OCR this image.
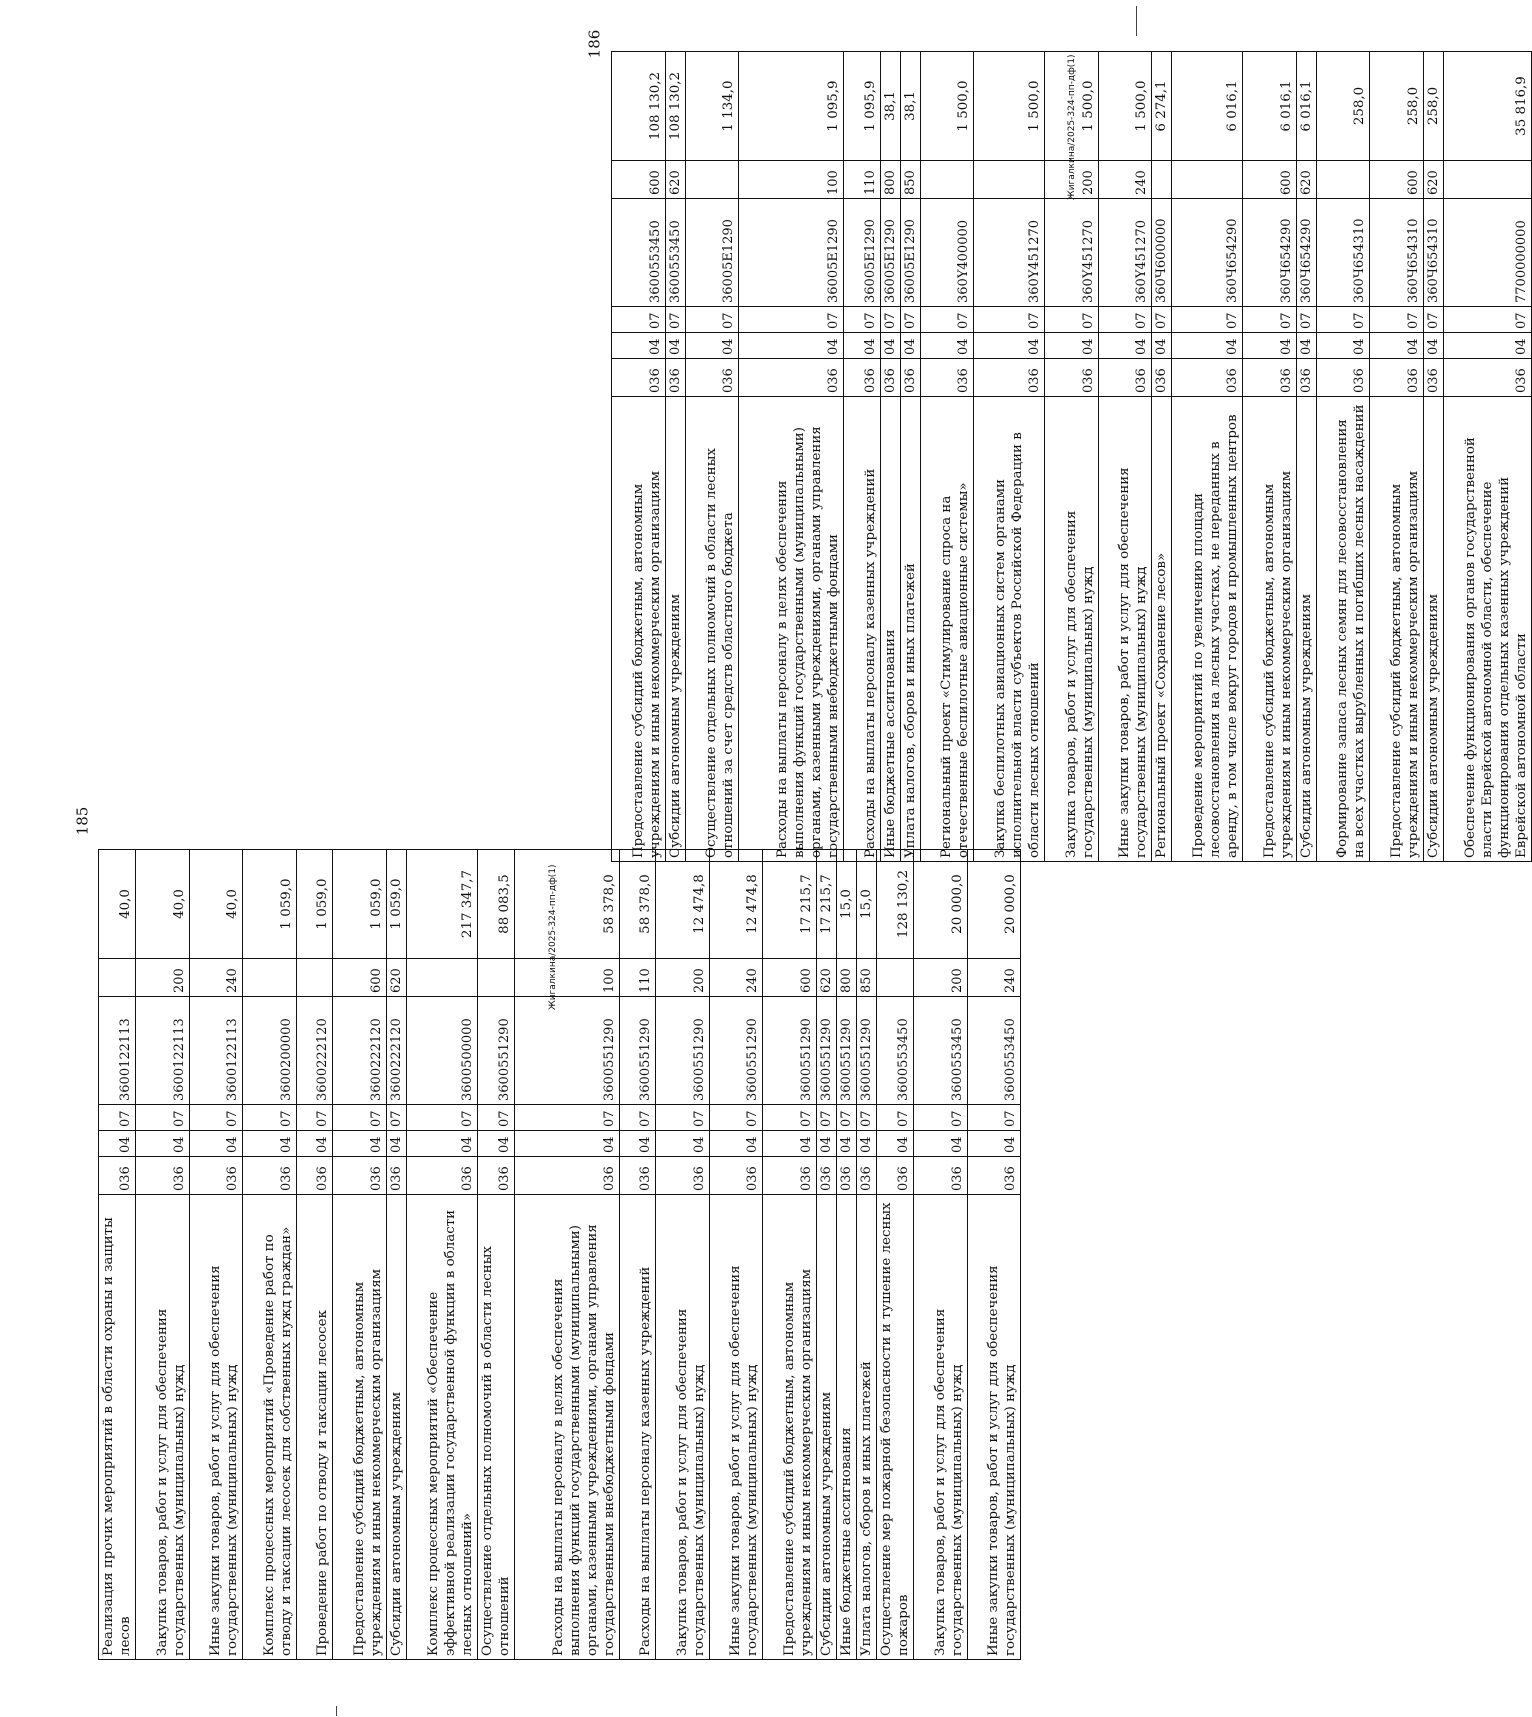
Реализация прочих мероприятий в области охраны и защиты лесов	036	04	07	3600122113		40,0
Закупка товаров, работ и услуг для обеспечения государственных (муниципальных) нужд	036	04	07	3600122113	200	40,0
Иные закупки товаров, работ и услуг для обеспечения государственных (муниципальных) нужд	036	04	07	3600122113	240	40,0
Комплекс процессных мероприятий «Проведение работ по отводу и таксации лесосек для собственных нужд граждан»	036	04	07	3600200000		1 059,0
Проведение работ по отводу и таксации лесосек	036	04	07	3600222120		1 059,0
Предоставление субсидий бюджетным, автономным учреждениям и иным некоммерческим организациям	036	04	07	3600222120	600	1 059,0
Субсидии автономным учреждениям	036	04	07	3600222120	620	1 059,0
Комплекс процессных мероприятий «Обеспечение эффективной реализации государственной функции в области лесных отношений»	036	04	07	3600500000		217 347,7
Осуществление отдельных полномочий в области лесных отношений	036	04	07	3600551290		88 083,5
Расходы на выплаты персоналу в целях обеспечения выполнения функций государственными (муниципальными) органами, казенными учреждениями, органами управления государственными внебюджетными фондами	036	04	07	3600551290	100	58 378,0
Расходы на выплаты персоналу казенных учреждений	036	04	07	3600551290	110	58 378,0
Закупка товаров, работ и услуг для обеспечения государственных (муниципальных) нужд	036	04	07	3600551290	200	12 474,8
Иные закупки товаров, работ и услуг для обеспечения государственных (муниципальных) нужд	036	04	07	3600551290	240	12 474,8
Предоставление субсидий бюджетным, автономным учреждениям и иным некоммерческим организациям	036	04	07	3600551290	600	17 215,7
Субсидии автономным учреждениям	036	04	07	3600551290	620	17 215,7
Иные бюджетные ассигнования	036	04	07	3600551290	800	15,0
Уплата налогов, сборов и иных платежей	036	04	07	3600551290	850	15,0
Осуществление мер пожарной безопасности и тушение лесных пожаров	036	04	07	3600553450		128 130,2
Закупка товаров, работ и услуг для обеспечения государственных (муниципальных) нужд	036	04	07	3600553450	200	20 000,0
Иные закупки товаров, работ и услуг для обеспечения государственных (муниципальных) нужд	036	04	07	3600553450	240	20 000,0
185
Жигалкина/2025-324-пп-дф(1)
Предоставление субсидий бюджетным, автономным учреждениям и иным некоммерческим организациям	036	04	07	3600553450	600	108 130,2
Субсидии автономным учреждениям	036	04	07	3600553450	620	108 130,2
Осуществление отдельных полномочий в области лесных отношений за счет средств областного бюджета	036	04	07	36005E1290		1 134,0
Расходы на выплаты персоналу в целях обеспечения выполнения функций государственными (муниципальными) органами, казенными учреждениями, органами управления государственными внебюджетными фондами	036	04	07	36005E1290	100	1 095,9
Расходы на выплаты персоналу казенных учреждений	036	04	07	36005E1290	110	1 095,9
Иные бюджетные ассигнования	036	04	07	36005E1290	800	38,1
Уплата налогов, сборов и иных платежей	036	04	07	36005E1290	850	38,1
Региональный проект «Стимулирование спроса на отечественные беспилотные авиационные системы»	036	04	07	360Y400000		1 500,0
Закупка беспилотных авиационных систем органами исполнительной власти субъектов Российской Федерации в области лесных отношений	036	04	07	360Y451270		1 500,0
Закупка товаров, работ и услуг для обеспечения государственных (муниципальных) нужд	036	04	07	360Y451270	200	1 500,0
Иные закупки товаров, работ и услуг для обеспечения государственных (муниципальных) нужд	036	04	07	360Y451270	240	1 500,0
Региональный проект «Сохранение лесов»	036	04	07	360Ч600000		6 274,1
Проведение мероприятий по увеличению площади лесовосстановления на лесных участках, не переданных в аренду, в том числе вокруг городов и промышленных центров	036	04	07	360Ч654290		6 016,1
Предоставление субсидий бюджетным, автономным учреждениям и иным некоммерческим организациям	036	04	07	360Ч654290	600	6 016,1
Субсидии автономным учреждениям	036	04	07	360Ч654290	620	6 016,1
Формирование запаса лесных семян для лесовосстановления на всех участках вырубленных и погибших лесных насаждений	036	04	07	360Ч654310		258,0
Предоставление субсидий бюджетным, автономным учреждениям и иным некоммерческим организациям	036	04	07	360Ч654310	600	258,0
Субсидии автономным учреждениям	036	04	07	360Ч654310	620	258,0
Обеспечение функционирования органов государственной власти Еврейской автономной области, обеспечение функционирования отдельных казенных учреждений Еврейской автономной области	036	04	07	7700000000		35 816,9
186
Жигалкина/2025-324-пп-дф(1)
